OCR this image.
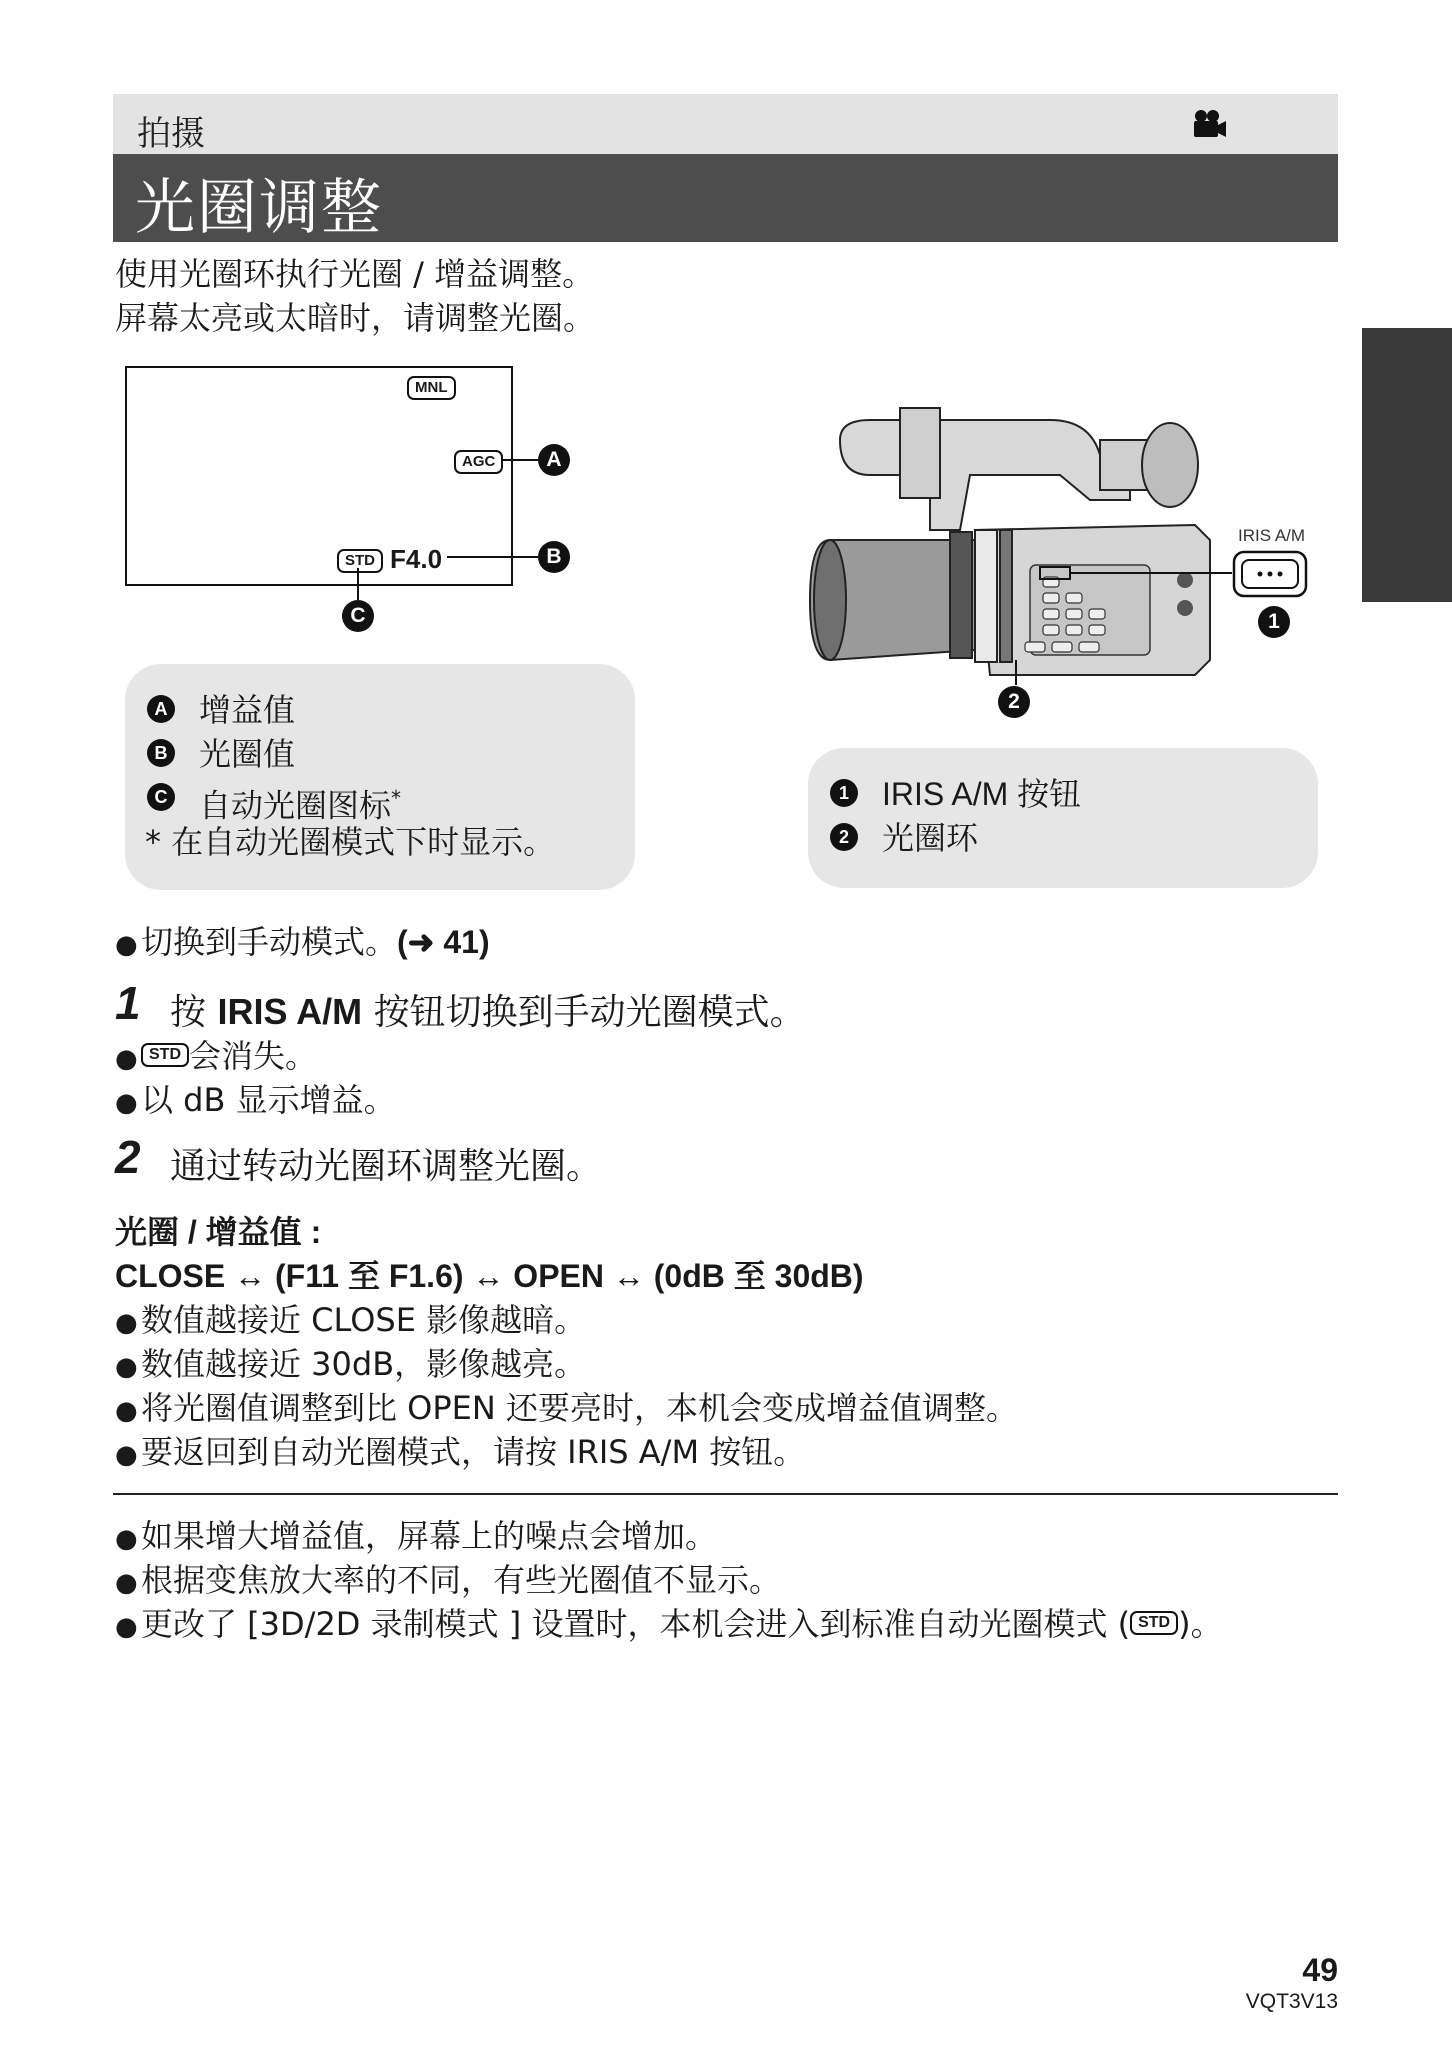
拍摄
光圈调整
使用光圈环执行光圈 / 增益调整。
屏幕太亮或太暗时，请调整光圈。
MNL
AGC
STD F4.0
A
B
C
IRIS A/M
1
2
A 增益值
B 光圈值
C 自动光圈图标*
* 在自动光圈模式下时显示。
1 IRIS A/M 按钮
2 光圈环
● 切换到手动模式。(➜ 41)
1 按 IRIS A/M 按钮切换到手动光圈模式。
● STD 会消失。
● 以 dB 显示增益。
2 通过转动光圈环调整光圈。
光圈 / 增益值 :
CLOSE ↔ (F11 至 F1.6) ↔ OPEN ↔ (0dB 至 30dB)
● 数值越接近 CLOSE 影像越暗。
● 数值越接近 30dB，影像越亮。
● 将光圈值调整到比 OPEN 还要亮时，本机会变成增益值调整。
● 要返回到自动光圈模式，请按 IRIS A/M 按钮。
● 如果增大增益值，屏幕上的噪点会增加。
● 根据变焦放大率的不同，有些光圈值不显示。
● 更改了 [3D/2D 录制模式 ] 设置时，本机会进入到标准自动光圈模式 ( STD )。
49
VQT3V13
